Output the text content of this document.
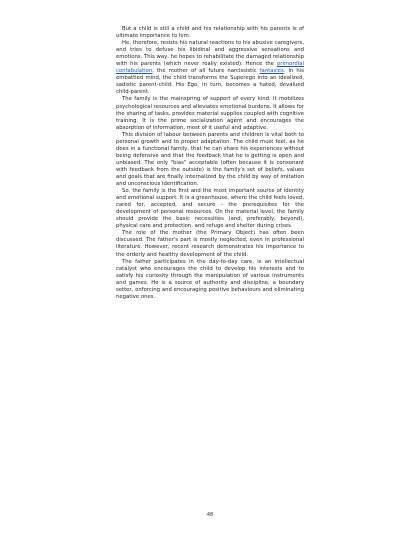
But a child is still a child and his relationship with his parents is of ultimate importance to him.

He, therefore, resists his natural reactions to his abusive caregivers, and tries to defuse his libidinal and aggressive sensations and emotions. This way, he hopes to rehabilitate the damaged relationship with his parents (which never really existed). Hence the primordial confabulation, the mother of all future narcissistic fantasies. In his embattled mind, the child transforms the Superego into an idealized, sadistic parent-child. His Ego, in turn, becomes a hated, devalued child-parent.

The family is the mainspring of support of every kind. It mobilizes psychological resources and alleviates emotional burdens. It allows for the sharing of tasks, provides material supplies coupled with cognitive training. It is the prime socialization agent and encourages the absorption of information, most of it useful and adaptive.

This division of labour between parents and children is vital both to personal growth and to proper adaptation. The child must feel, as he does in a functional family, that he can share his experiences without being defensive and that the feedback that he is getting is open and unbiased. The only "bias" acceptable (often because it is consonant with feedback from the outside) is the family's set of beliefs, values and goals that are finally internalized by the child by way of imitation and unconscious identification.

So, the family is the first and the most important source of identity and emotional support. It is a greenhouse, where the child feels loved, cared for, accepted, and secure - the prerequisites for the development of personal resources. On the material level, the family should provide the basic necessities (and, preferably, beyond), physical care and protection, and refuge and shelter during crises.

The role of the mother (the Primary Object) has often been discussed. The father's part is mostly neglected, even in professional literature. However, recent research demonstrates his importance to the orderly and healthy development of the child.

The father participates in the day-to-day care, is an intellectual catalyst who encourages the child to develop his interests and to satisfy his curiosity through the manipulation of various instruments and games. He is a source of authority and discipline, a boundary setter, enforcing and encouraging positive behaviours and eliminating negative ones.

48
